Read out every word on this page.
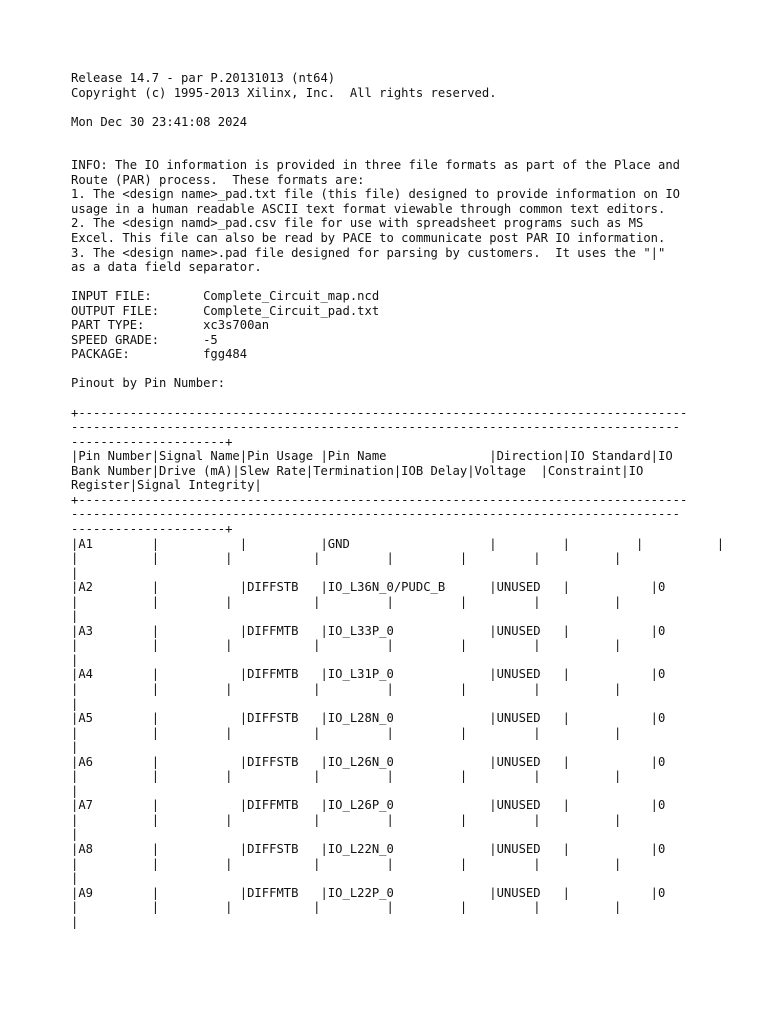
Release 14.7 - par P.20131013 (nt64)
Copyright (c) 1995-2013 Xilinx, Inc.  All rights reserved.
Mon Dec 30 23:41:08 2024
INFO: The IO information is provided in three file formats as part of the Place and
Route (PAR) process.  These formats are:
1. The <design name>_pad.txt file (this file) designed to provide information on IO
usage in a human readable ASCII text format viewable through common text editors.
2. The <design namd>_pad.csv file for use with spreadsheet programs such as MS
Excel. This file can also be read by PACE to communicate post PAR IO information.
3. The <design name>.pad file designed for parsing by customers.  It uses the "|"
as a data field separator.
INPUT FILE:       Complete_Circuit_map.ncd
OUTPUT FILE:      Complete_Circuit_pad.txt
PART TYPE:        xc3s700an
SPEED GRADE:      -5
PACKAGE:          fgg484
Pinout by Pin Number:
+-----------------------------------------------------------------------------------
-----------------------------------------------------------------------------------
---------------------+
|Pin Number|Signal Name|Pin Usage |Pin Name              |Direction|IO Standard|IO
Bank Number|Drive (mA)|Slew Rate|Termination|IOB Delay|Voltage  |Constraint|IO
Register|Signal Integrity|
+-----------------------------------------------------------------------------------
-----------------------------------------------------------------------------------
---------------------+
|A1        |           |          |GND                   |         |         |          |
|          |         |           |         |         |         |          |
|
|A2        |           |DIFFSTB   |IO_L36N_0/PUDC_B      |UNUSED   |           |0
|          |         |           |         |         |         |          |
|
|A3        |           |DIFFMTB   |IO_L33P_0             |UNUSED   |           |0
|          |         |           |         |         |         |          |
|
|A4        |           |DIFFMTB   |IO_L31P_0             |UNUSED   |           |0
|          |         |           |         |         |         |          |
|
|A5        |           |DIFFSTB   |IO_L28N_0             |UNUSED   |           |0
|          |         |           |         |         |         |          |
|
|A6        |           |DIFFSTB   |IO_L26N_0             |UNUSED   |           |0
|          |         |           |         |         |         |          |
|
|A7        |           |DIFFMTB   |IO_L26P_0             |UNUSED   |           |0
|          |         |           |         |         |         |          |
|
|A8        |           |DIFFSTB   |IO_L22N_0             |UNUSED   |           |0
|          |         |           |         |         |         |          |
|
|A9        |           |DIFFMTB   |IO_L22P_0             |UNUSED   |           |0
|          |         |           |         |         |         |          |
|
